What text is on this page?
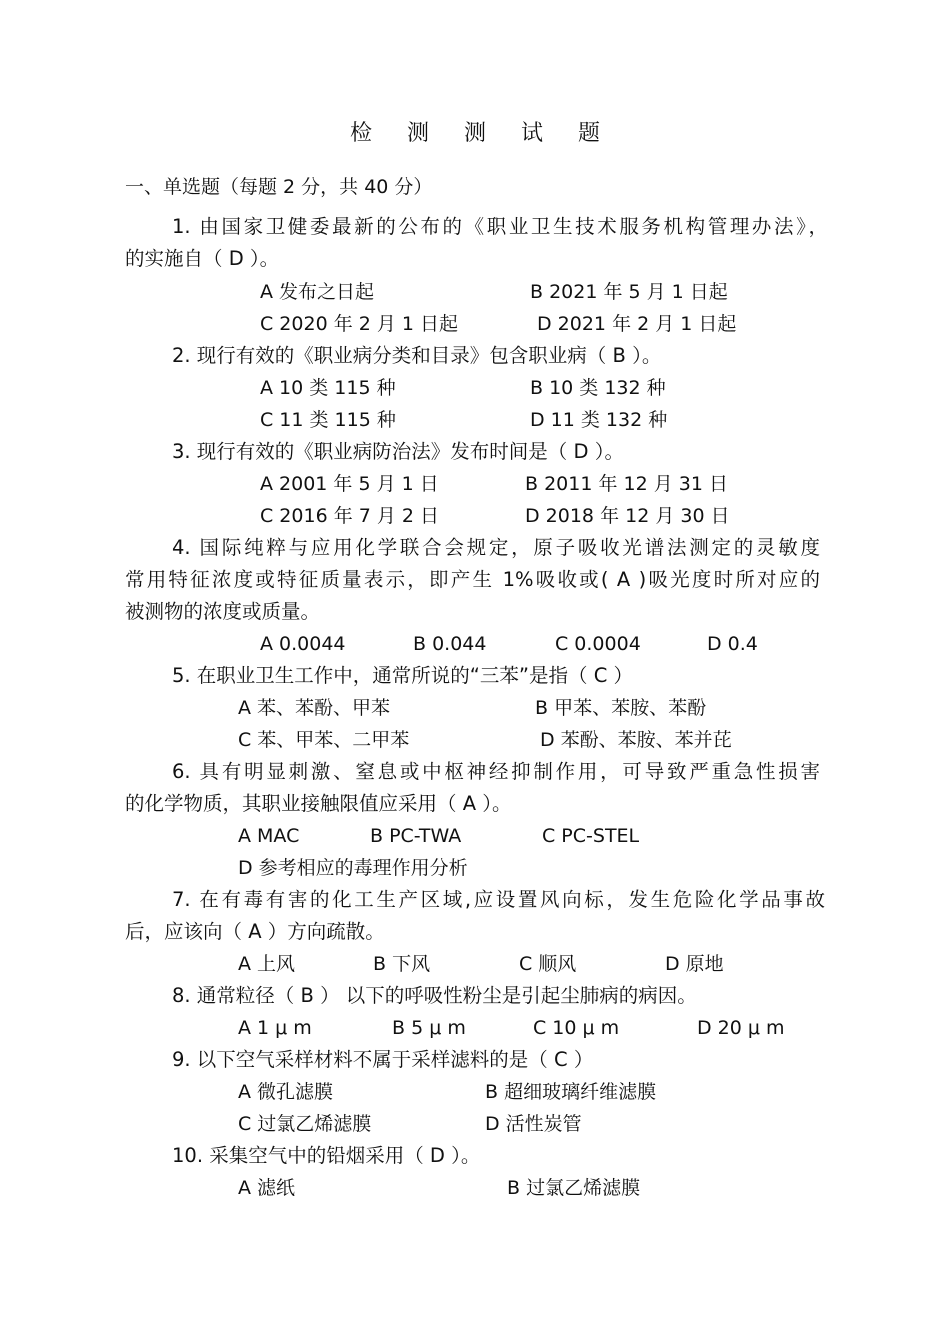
检 测 测 试 题
一、单选题（每题 2 分，共 40 分）
1. 由国家卫健委最新的公布的《职业卫生技术服务机构管理办法》，
的实施自（ D ）。
A 发布之日起	B 2021 年 5 月 1 日起
C 2020 年 2 月 1 日起	D 2021 年 2 月 1 日起
2. 现行有效的《职业病分类和目录》包含职业病（ B ）。
A 10 类 115 种	B 10 类 132 种
C 11 类 115 种	D 11 类 132 种
3. 现行有效的《职业病防治法》发布时间是（ D ）。
A 2001 年 5 月 1 日	B 2011 年 12 月 31 日
C 2016 年 7 月 2 日	D 2018 年 12 月 30 日
4. 国际纯粹与应用化学联合会规定，原子吸收光谱法测定的灵敏度
常用特征浓度或特征质量表示，即产生 1%吸收或( A )吸光度时所对应的
被测物的浓度或质量。
A 0.0044	B 0.044	C 0.0004	D 0.4
5. 在职业卫生工作中，通常所说的“三苯”是指（ C ）
A 苯、苯酚、甲苯	B 甲苯、苯胺、苯酚
C 苯、甲苯、二甲苯	D 苯酚、苯胺、苯并芘
6. 具有明显刺激、窒息或中枢神经抑制作用，可导致严重急性损害
的化学物质，其职业接触限值应采用（ A ）。
A MAC	B PC-TWA	C PC-STEL
D 参考相应的毒理作用分析
7. 在有毒有害的化工生产区域,应设置风向标，发生危险化学品事故
后，应该向（ A ）方向疏散。
A 上风	B 下风	C 顺风	D 原地
8. 通常粒径（ B ） 以下的呼吸性粉尘是引起尘肺病的病因。
A 1 μ m	B 5 μ m	C 10 μ m	D 20 μ m
9. 以下空气采样材料不属于采样滤料的是（ C ）
A 微孔滤膜	B 超细玻璃纤维滤膜
C 过氯乙烯滤膜	D 活性炭管
10. 采集空气中的铅烟采用（ D ）。
A 滤纸	B 过氯乙烯滤膜
